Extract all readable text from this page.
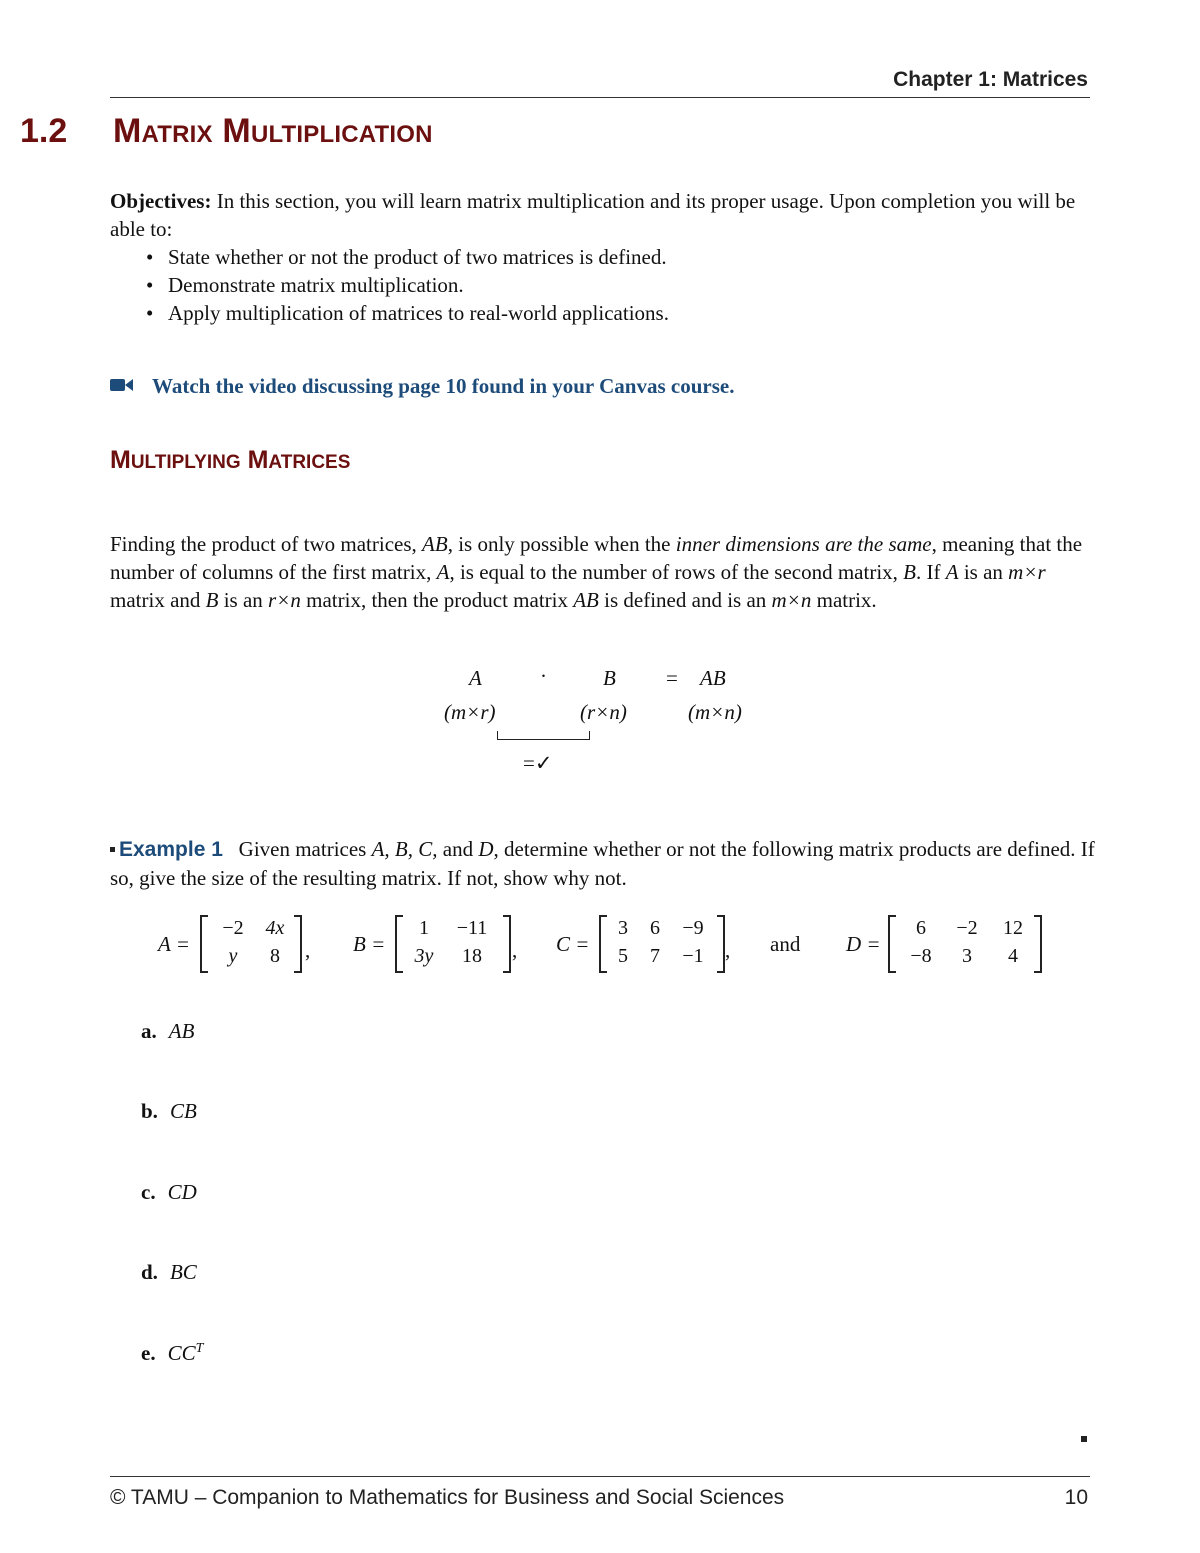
Chapter 1: Matrices
1.2 MATRIX MULTIPLICATION
Objectives: In this section, you will learn matrix multiplication and its proper usage. Upon completion you will be able to:
• State whether or not the product of two matrices is defined.
• Demonstrate matrix multiplication.
• Apply multiplication of matrices to real-world applications.
Watch the video discussing page 10 found in your Canvas course.
MULTIPLYING MATRICES
Finding the product of two matrices, AB, is only possible when the inner dimensions are the same, meaning that the number of columns of the first matrix, A, is equal to the number of rows of the second matrix, B. If A is an m×r matrix and B is an r×n matrix, then the product matrix AB is defined and is an m×n matrix.
A	·	B = AB
(m×r)	(r×n)	(m×n)
=✓
Example 1 Given matrices A, B, C, and D, determine whether or not the following matrix products are defined. If so, give the size of the resulting matrix. If not, show why not.
A =
−2	4x
y	8	, B =
1	−11
3y	18	, C =
3	6	−9
5	7	−1	, and D =
6	−2	12
−8	3	4
a. AB
b. CB
c. CD
d. BC
e. $CC^T$
© TAMU – Companion to Mathematics for Business and Social Sciences	10
